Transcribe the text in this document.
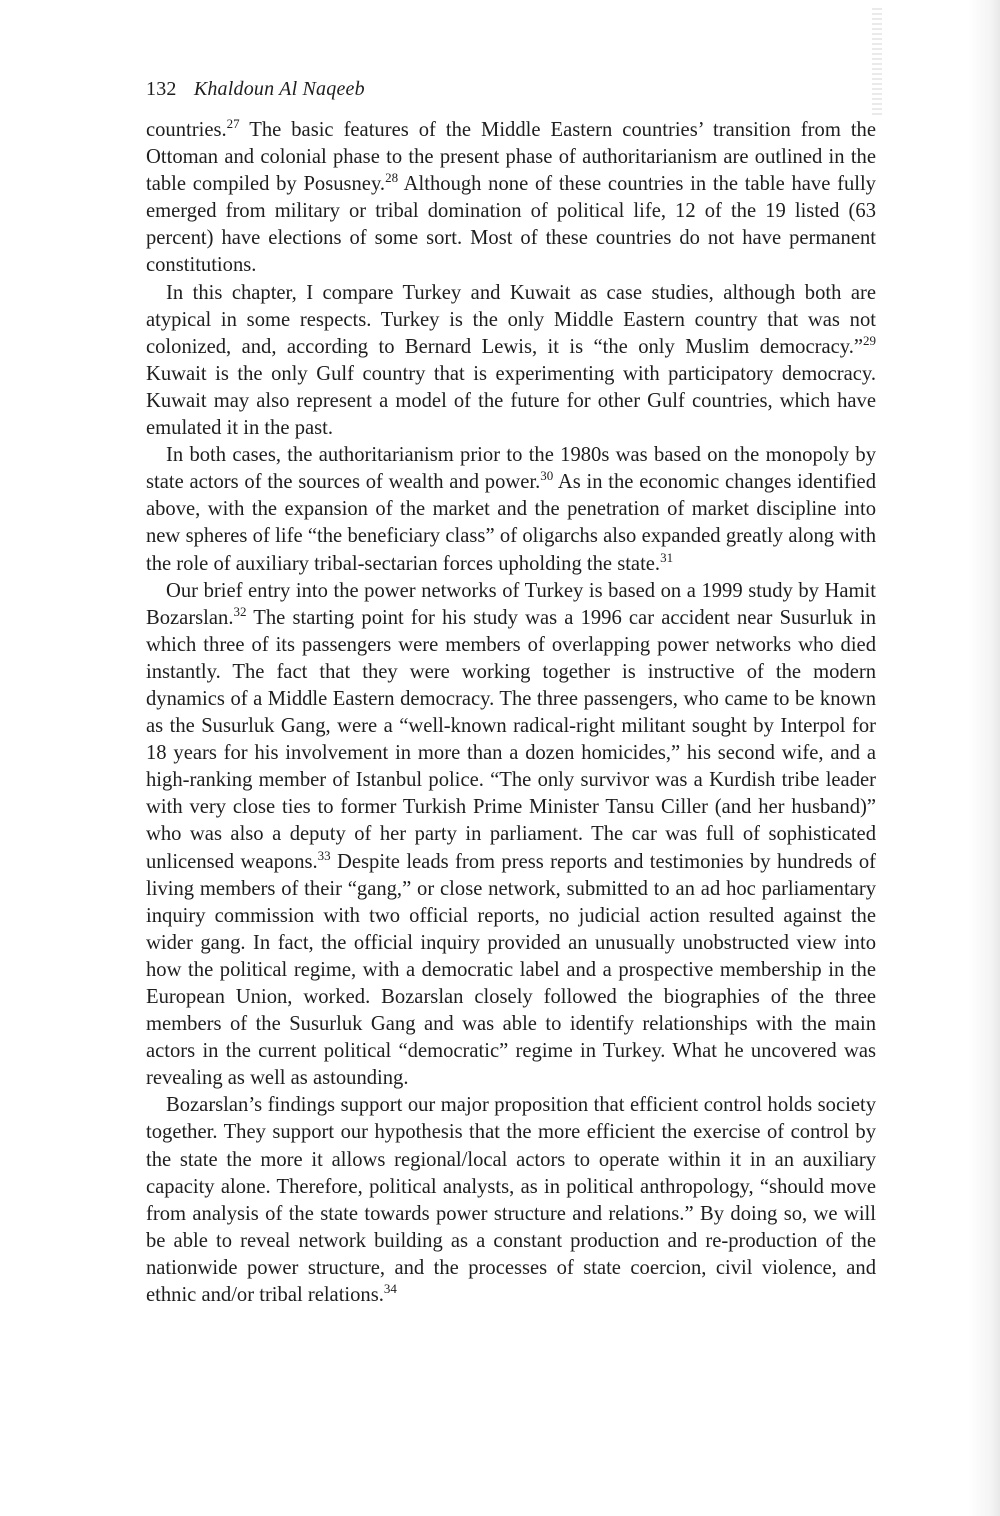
132 Khaldoun Al Naqeeb

countries.$^{27}$ The basic features of the Middle Eastern countries’ transition from the Ottoman and colonial phase to the present phase of authoritarianism are outlined in the table compiled by Posusney.$^{28}$ Although none of these countries in the table have fully emerged from military or tribal domination of political life, 12 of the 19 listed (63 percent) have elections of some sort. Most of these countries do not have permanent constitutions.

In this chapter, I compare Turkey and Kuwait as case studies, although both are atypical in some respects. Turkey is the only Middle Eastern country that was not colonized, and, according to Bernard Lewis, it is “the only Muslim democracy.”$^{29}$ Kuwait is the only Gulf country that is experimenting with participatory democracy. Kuwait may also represent a model of the future for other Gulf countries, which have emulated it in the past.

In both cases, the authoritarianism prior to the 1980s was based on the monopoly by state actors of the sources of wealth and power.$^{30}$ As in the economic changes identified above, with the expansion of the market and the penetration of market discipline into new spheres of life “the beneficiary class” of oligarchs also expanded greatly along with the role of auxiliary tribal-sectarian forces upholding the state.$^{31}$

Our brief entry into the power networks of Turkey is based on a 1999 study by Hamit Bozarslan.$^{32}$ The starting point for his study was a 1996 car accident near Susurluk in which three of its passengers were members of overlapping power networks who died instantly. The fact that they were working together is instructive of the modern dynamics of a Middle Eastern democracy. The three passengers, who came to be known as the Susurluk Gang, were a “well-known radical-right militant sought by Interpol for 18 years for his involvement in more than a dozen homicides,” his second wife, and a high-ranking member of Istanbul police. “The only survivor was a Kurdish tribe leader with very close ties to former Turkish Prime Minister Tansu Ciller (and her husband)” who was also a deputy of her party in parliament. The car was full of sophisticated unlicensed weapons.$^{33}$ Despite leads from press reports and testimonies by hundreds of living members of their “gang,” or close network, submitted to an ad hoc parliamentary inquiry commission with two official reports, no judicial action resulted against the wider gang. In fact, the official inquiry provided an unusually unobstructed view into how the political regime, with a democratic label and a prospective membership in the European Union, worked. Bozarslan closely followed the biographies of the three members of the Susurluk Gang and was able to identify relationships with the main actors in the current political “democratic” regime in Turkey. What he uncovered was revealing as well as astounding.

Bozarslan’s findings support our major proposition that efficient control holds society together. They support our hypothesis that the more efficient the exercise of control by the state the more it allows regional/local actors to operate within it in an auxiliary capacity alone. Therefore, political analysts, as in political anthropology, “should move from analysis of the state towards power structure and relations.” By doing so, we will be able to reveal network building as a constant production and re-production of the nationwide power structure, and the processes of state coercion, civil violence, and ethnic and/or tribal relations.$^{34}$
